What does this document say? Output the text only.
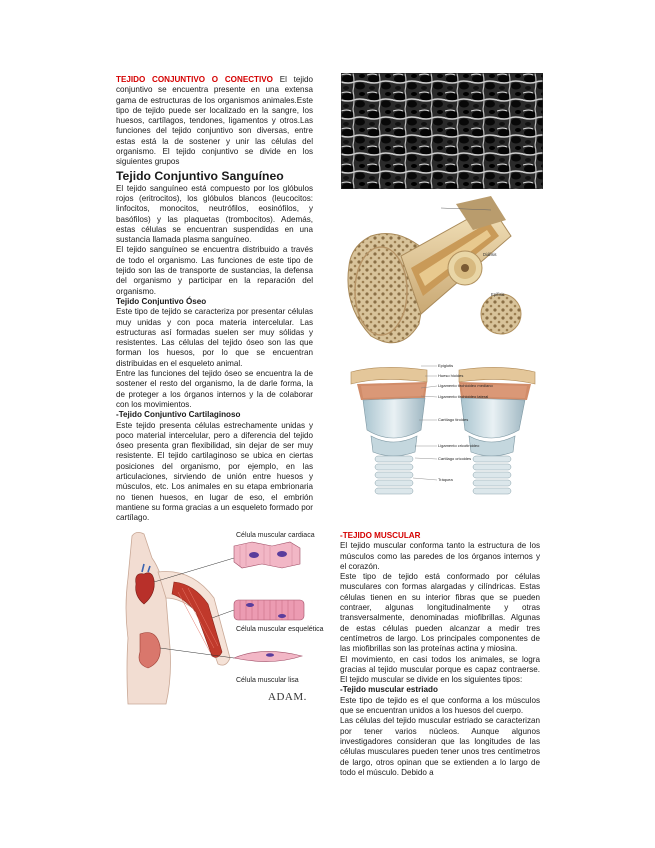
TEJIDO CONJUNTIVO O CONECTIVO El tejido conjuntivo se encuentra presente en una extensa gama de estructuras de los organismos animales.Este tipo de tejido puede ser localizado en la sangre, los huesos, cartílagos, tendones, ligamentos y otros.Las funciones del tejido conjuntivo son diversas, entre estas está la de sostener y unir las células del organismo. El tejido conjuntivo se divide en los siguientes grupos

Tejido Conjuntivo Sanguíneo

El tejido sanguíneo está compuesto por los glóbulos rojos (eritrocitos), los glóbulos blancos (leucocitos: linfocitos, monocitos, neutrófilos, eosinófilos, y basófilos) y las plaquetas (trombocitos). Además, estas células se encuentran suspendidas en una sustancia llamada plasma sanguíneo.

El tejido sanguíneo se encuentra distribuido a través de todo el organismo. Las funciones de este tipo de tejido son las de transporte de sustancias, la defensa del organismo y participar en la reparación del organismo.

Tejido Conjuntivo Óseo

Este tipo de tejido se caracteriza por presentar células muy unidas y con poca materia intercelular. Las estructuras así formadas suelen ser muy sólidas y resistentes. Las células del tejido óseo son las que forman los huesos, por lo que se encuentran distribuidas en el esqueleto animal.

Entre las funciones del tejido óseo se encuentra la de sostener el resto del organismo, la de darle forma, la de proteger a los órganos internos y la de colaborar con los movimientos.

-Tejido Conjuntivo Cartilaginoso

Este tejido presenta células estrechamente unidas y poco material intercelular, pero a diferencia del tejido óseo presenta gran flexibilidad, sin dejar de ser muy resistente. El tejido cartilaginoso se ubica en ciertas posiciones del organismo, por ejemplo, en las articulaciones, sirviendo de unión entre huesos y músculos, etc. Los animales en su etapa embrionaria no tienen huesos, en lugar de eso, el embrión mantiene su forma gracias a un esqueleto formado por cartílago.

-TEJIDO MUSCULAR

El tejido muscular conforma tanto la estructura de los músculos como las paredes de los órganos internos y el corazón.

Este tipo de tejido está conformado por células musculares con formas alargadas y cilíndricas. Estas células tienen en su interior fibras que se pueden contraer, algunas longitudinalmente y otras transversalmente, denominadas miofibrillas. Algunas de estas células pueden alcanzar a medir tres centímetros de largo. Los principales componentes de las miofibrillas son las proteínas actina y miosina.

El movimiento, en casi todos los animales, se logra gracias al tejido muscular porque es capaz contraerse. El tejido muscular se divide en los siguientes tipos:

-Tejido muscular estriado

Este tipo de tejido es el que conforma a los músculos que se encuentran unidos a los huesos del cuerpo.

Las células del tejido muscular estriado se caracterizan por tener varios núcleos. Aunque algunos investigadores consideran que las longitudes de las células musculares pueden tener unos tres centímetros de largo, otros opinan que se extienden a lo largo de todo el músculo. Debido a

Diáfisis
Epífisis
Epiglotis
Hueso hioides
Ligamento tirohioideo mediano
Ligamento tirohioideo lateral
Cartílago tiroides
Ligamento cricotiroideo
Cartílago cricoides
Tráquea
Célula muscular cardiaca
Célula muscular esquelética
Célula muscular lisa
ADAM.
